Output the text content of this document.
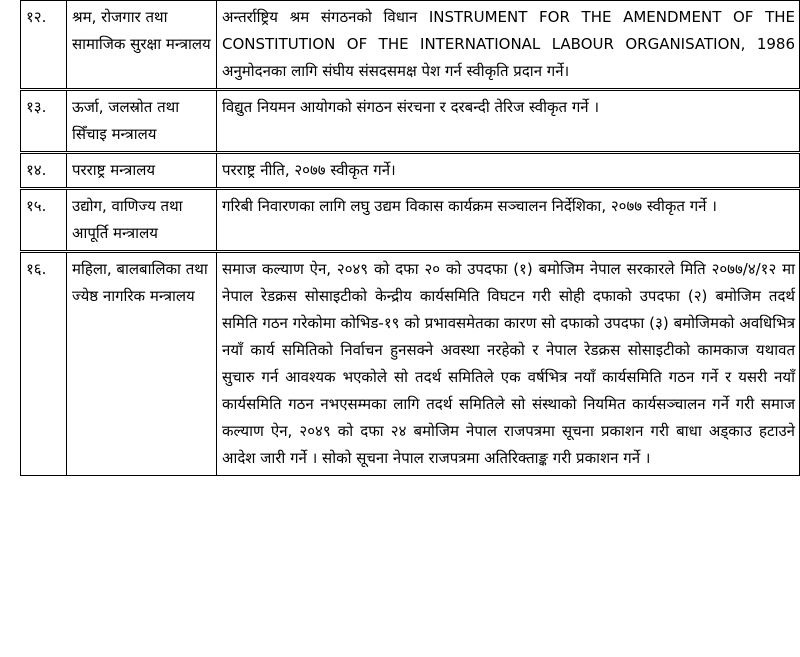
१२.	श्रम, रोजगार तथा सामाजिक सुरक्षा मन्त्रालय	अन्तर्राष्ट्रिय श्रम संगठनको विधान INSTRUMENT FOR THE AMENDMENT OF THE CONSTITUTION OF THE INTERNATIONAL LABOUR ORGANISATION, 1986 अनुमोदनका लागि संघीय संसदसमक्ष पेश गर्न स्वीकृति प्रदान गर्ने।

१३.	ऊर्जा, जलस्रोत तथा सिँचाइ मन्त्रालय	विद्युत नियमन आयोगको संगठन संरचना र दरबन्दी तेरिज स्वीकृत गर्ने ।

१४.	परराष्ट्र मन्त्रालय	परराष्ट्र नीति, २०७७ स्वीकृत गर्ने।

१५.	उद्योग, वाणिज्य तथा आपूर्ति मन्त्रालय	गरिबी निवारणका लागि लघु उद्यम विकास कार्यक्रम सञ्चालन निर्देशिका, २०७७ स्वीकृत गर्ने ।

१६.	महिला, बालबालिका तथा ज्येष्ठ नागरिक मन्त्रालय	समाज कल्याण ऐन, २०४९ को दफा २० को उपदफा (१) बमोजिम नेपाल सरकारले मिति २०७७/४/१२ मा नेपाल रेडक्रस सोसाइटीको केन्द्रीय कार्यसमिति विघटन गरी सोही दफाको उपदफा (२) बमोजिम तदर्थ समिति गठन गरेकोमा कोभिड-१९ को प्रभावसमेतका कारण सो दफाको उपदफा (३) बमोजिमको अवधिभित्र नयाँ कार्य समितिको निर्वाचन हुनसक्ने अवस्था नरहेको र नेपाल रेडक्रस सोसाइटीको कामकाज यथावत सुचारु गर्न आवश्यक भएकोले सो तदर्थ समितिले एक वर्षभित्र नयाँ कार्यसमिति गठन गर्ने र यसरी नयाँ कार्यसमिति गठन नभएसम्मका लागि तदर्थ समितिले सो संस्थाको नियमित कार्यसञ्चालन गर्ने गरी समाज कल्याण ऐन, २०४९ को दफा २४ बमोजिम नेपाल राजपत्रमा सूचना प्रकाशन गरी बाधा अड्काउ हटाउने आदेश जारी गर्ने । सोको सूचना नेपाल राजपत्रमा अतिरिक्ताङ्क गरी प्रकाशन गर्ने ।
